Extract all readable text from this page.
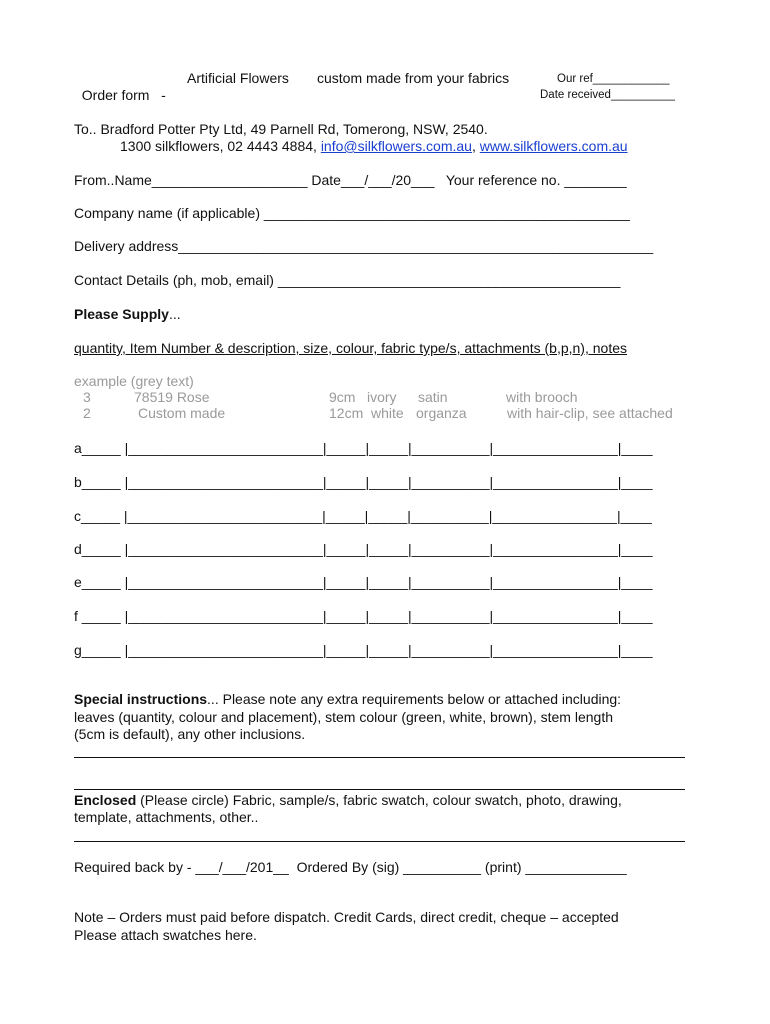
Order form   -

Artificial Flowers custom made from your fabrics	Our ref____________
Date received__________
To.. Bradford Potter Pty Ltd, 49 Parnell Rd, Tomerong, NSW, 2540.
1300 silkflowers, 02 4443 4884, info@silkflowers.com.au, www.silkflowers.com.au
From..Name____________________ Date___/___/20___   Your reference no. ________
Company name (if applicable) _______________________________________________
Delivery address_____________________________________________________________
Contact Details (ph, mob, email) ____________________________________________
Please Supply...
quantity, Item Number & description, size, colour, fabric type/s, attachments (b,p,n), notes
example (grey text)
3	78519 Rose	9cm ivory satin	with brooch
2	Custom made	12cm white organza	with hair-clip, see attached
a_____ |_________________________|_____|_____|__________|________________|____
b_____ |_________________________|_____|_____|__________|________________|____
c_____ |_________________________|_____|_____|__________|________________|____
d_____ |_________________________|_____|_____|__________|________________|____
e_____ |_________________________|_____|_____|__________|________________|____
f _____ |_________________________|_____|_____|__________|________________|____
g_____ |_________________________|_____|_____|__________|________________|____
Special instructions... Please note any extra requirements below or attached including:
leaves (quantity, colour and placement), stem colour (green, white, brown), stem length
(5cm is default), any other inclusions.
Enclosed (Please circle) Fabric, sample/s, fabric swatch, colour swatch, photo, drawing,
template, attachments, other..
Required back by - ___/___/201__  Ordered By (sig) __________ (print) _____________
Note – Orders must paid before dispatch. Credit Cards, direct credit, cheque – accepted
Please attach swatches here.
